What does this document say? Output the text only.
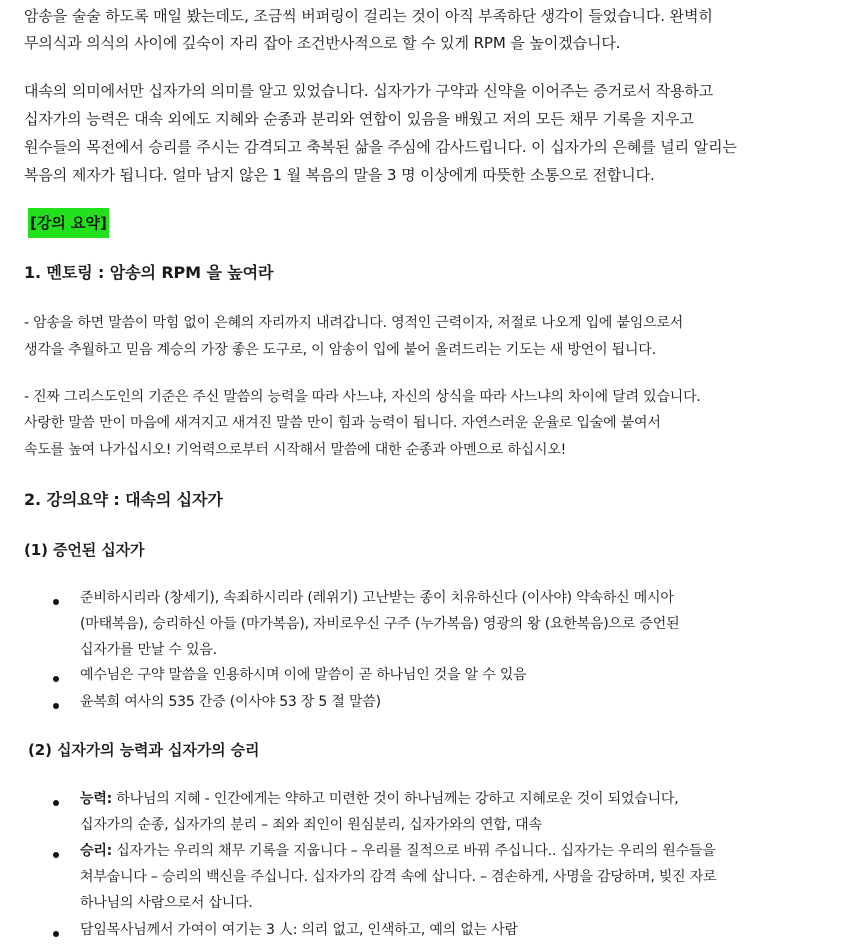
암송을 술술 하도록 매일 봤는데도, 조금씩 버퍼링이 걸리는 것이 아직 부족하단 생각이 들었습니다. 완벽히
무의식과 의식의 사이에 깊숙이 자리 잡아 조건반사적으로 할 수 있게 RPM 을 높이겠습니다.
대속의 의미에서만 십자가의 의미를 알고 있었습니다. 십자가가 구약과 신약을 이어주는 증거로서 작용하고
십자가의 능력은 대속 외에도 지혜와 순종과 분리와 연합이 있음을 배웠고 저의 모든 채무 기록을 지우고
원수들의 목전에서 승리를 주시는 감격되고 축복된 삶을 주심에 감사드립니다. 이 십자가의 은혜를 널리 알리는
복음의 제자가 됩니다. 얼마 남지 않은 1 월 복음의 말을 3 명 이상에게 따뜻한 소통으로 전합니다.
[강의 요약]
1. 멘토링 : 암송의 RPM 을 높여라
- 암송을 하면 말씀이 막힘 없이 은혜의 자리까지 내려갑니다. 영적인 근력이자, 저절로 나오게 입에 붙임으로서
생각을 추월하고 믿음 계승의 가장 좋은 도구로, 이 암송이 입에 붙어 올려드리는 기도는 새 방언이 됩니다.
- 진짜 그리스도인의 기준은 주신 말씀의 능력을 따라 사느냐, 자신의 상식을 따라 사느냐의 차이에 달려 있습니다.
사랑한 말씀 만이 마음에 새겨지고 새겨진 말씀 만이 힘과 능력이 됩니다. 자연스러운 운율로 입술에 붙여서
속도를 높여 나가십시오! 기억력으로부터 시작해서 말씀에 대한 순종과 아멘으로 하십시오!
2. 강의요약 : 대속의 십자가
(1) 증언된 십자가
준비하시리라 (창세기), 속죄하시리라 (레위기) 고난받는 종이 치유하신다 (이사야) 약속하신 메시아
(마태복음), 승리하신 아들 (마가복음), 자비로우신 구주 (누가복음) 영광의 왕 (요한복음)으로 증언된
십자가를 만날 수 있음.
예수님은 구약 말씀을 인용하시며 이에 말씀이 곧 하나님인 것을 알 수 있음
윤복희 여사의 535 간증 (이사야 53 장 5 절 말씀)
(2) 십자가의 능력과 십자가의 승리
능력: 하나님의 지혜 - 인간에게는 약하고 미련한 것이 하나님께는 강하고 지혜로운 것이 되었습니다,
십자가의 순종, 십자가의 분리 – 죄와 죄인이 원심분리, 십자가와의 연합, 대속
승리: 십자가는 우리의 채무 기록을 지웁니다 – 우리를 질적으로 바꿔 주십니다.. 십자가는 우리의 원수들을
쳐부숩니다 – 승리의 백신을 주십니다. 십자가의 감격 속에 삽니다. – 겸손하게, 사명을 감당하며, 빚진 자로
하나님의 사람으로서 삽니다.
담임목사님께서 가여이 여기는 3 人: 의리 없고, 인색하고, 예의 없는 사람
